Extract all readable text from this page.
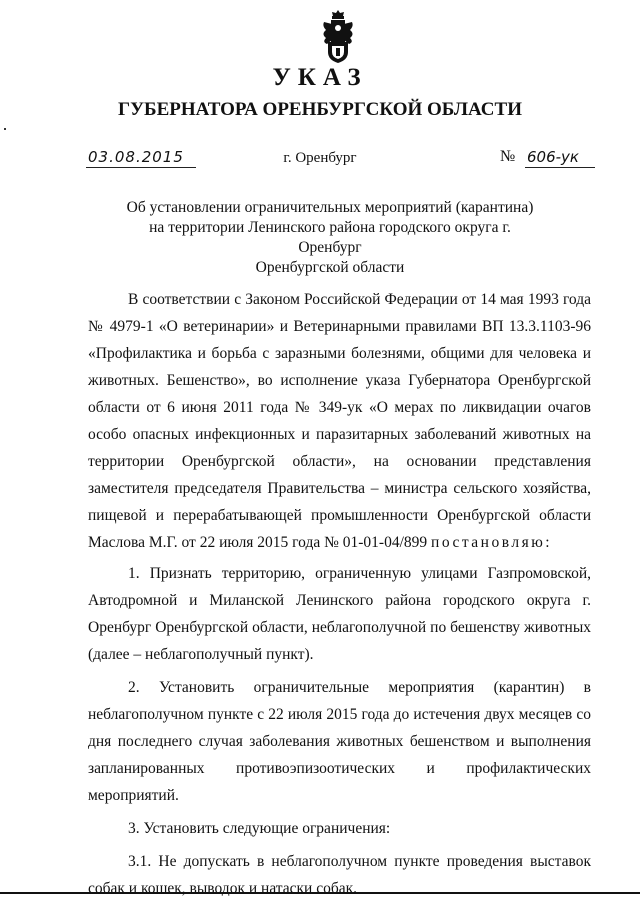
УКАЗ
ГУБЕРНАТОРА ОРЕНБУРГСКОЙ ОБЛАСТИ
03.08.2015	г. Оренбург	№ 606-ук
Об установлении ограничительных мероприятий (карантина)
на территории Ленинского района городского округа г. Оренбург
Оренбургской области

В соответствии с Законом Российской Федерации от 14 мая 1993 года № 4979-1 «О ветеринарии» и Ветеринарными правилами ВП 13.3.1103-96 «Профилактика и борьба с заразными болезнями, общими для человека и животных. Бешенство», во исполнение указа Губернатора Оренбургской области от 6 июня 2011 года № 349-ук «О мерах по ликвидации очагов особо опасных инфекционных и паразитарных заболеваний животных на территории Оренбургской области», на основании представления заместителя председателя Правительства – министра сельского хозяйства, пищевой и перерабатывающей промышленности Оренбургской области Маслова М.Г. от 22 июля 2015 года № 01-01-04/899 постановляю:

1. Признать территорию, ограниченную улицами Газпромовской, Автодромной и Миланской Ленинского района городского округа г. Оренбург Оренбургской области, неблагополучной по бешенству животных (далее – неблагополучный пункт).

2. Установить ограничительные мероприятия (карантин) в неблагополучном пункте с 22 июля 2015 года до истечения двух месяцев со дня последнего случая заболевания животных бешенством и выполнения запланированных противоэпизоотических и профилактических мероприятий.

3. Установить следующие ограничения:

3.1. Не допускать в неблагополучном пункте проведения выставок собак и кошек, выводок и натаски собак.
